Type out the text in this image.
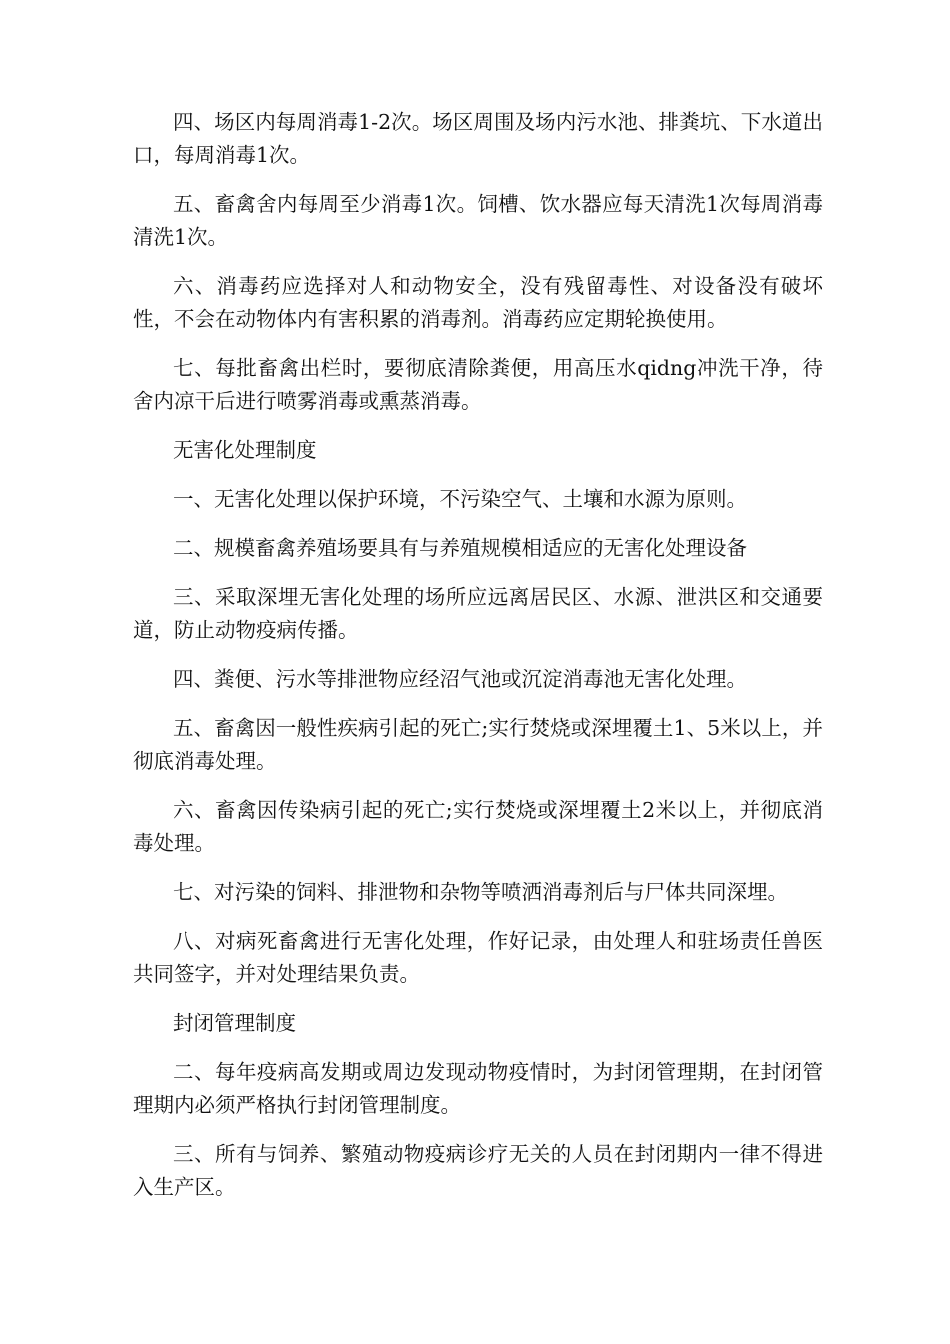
四、场区内每周消毒1-2次。场区周围及场内污水池、排粪坑、下水道出口，每周消毒1次。

五、畜禽舍内每周至少消毒1次。饲槽、饮水器应每天清洗1次每周消毒清洗1次。

六、消毒药应选择对人和动物安全，没有残留毒性、对设备没有破坏性，不会在动物体内有害积累的消毒剂。消毒药应定期轮换使用。

七、每批畜禽出栏时，要彻底清除粪便，用高压水qidng冲洗干净，待舍内凉干后进行喷雾消毒或熏蒸消毒。

无害化处理制度

一、无害化处理以保护环境，不污染空气、土壤和水源为原则。

二、规模畜禽养殖场要具有与养殖规模相适应的无害化处理设备

三、采取深埋无害化处理的场所应远离居民区、水源、泄洪区和交通要道，防止动物疫病传播。

四、粪便、污水等排泄物应经沼气池或沉淀消毒池无害化处理。

五、畜禽因一般性疾病引起的死亡;实行焚烧或深埋覆土1、5米以上，并彻底消毒处理。

六、畜禽因传染病引起的死亡;实行焚烧或深埋覆土2米以上，并彻底消毒处理。

七、对污染的饲料、排泄物和杂物等喷洒消毒剂后与尸体共同深埋。

八、对病死畜禽进行无害化处理，作好记录，由处理人和驻场责任兽医共同签字，并对处理结果负责。

封闭管理制度

二、每年疫病高发期或周边发现动物疫情时，为封闭管理期，在封闭管理期内必须严格执行封闭管理制度。

三、所有与饲养、繁殖动物疫病诊疗无关的人员在封闭期内一律不得进入生产区。
